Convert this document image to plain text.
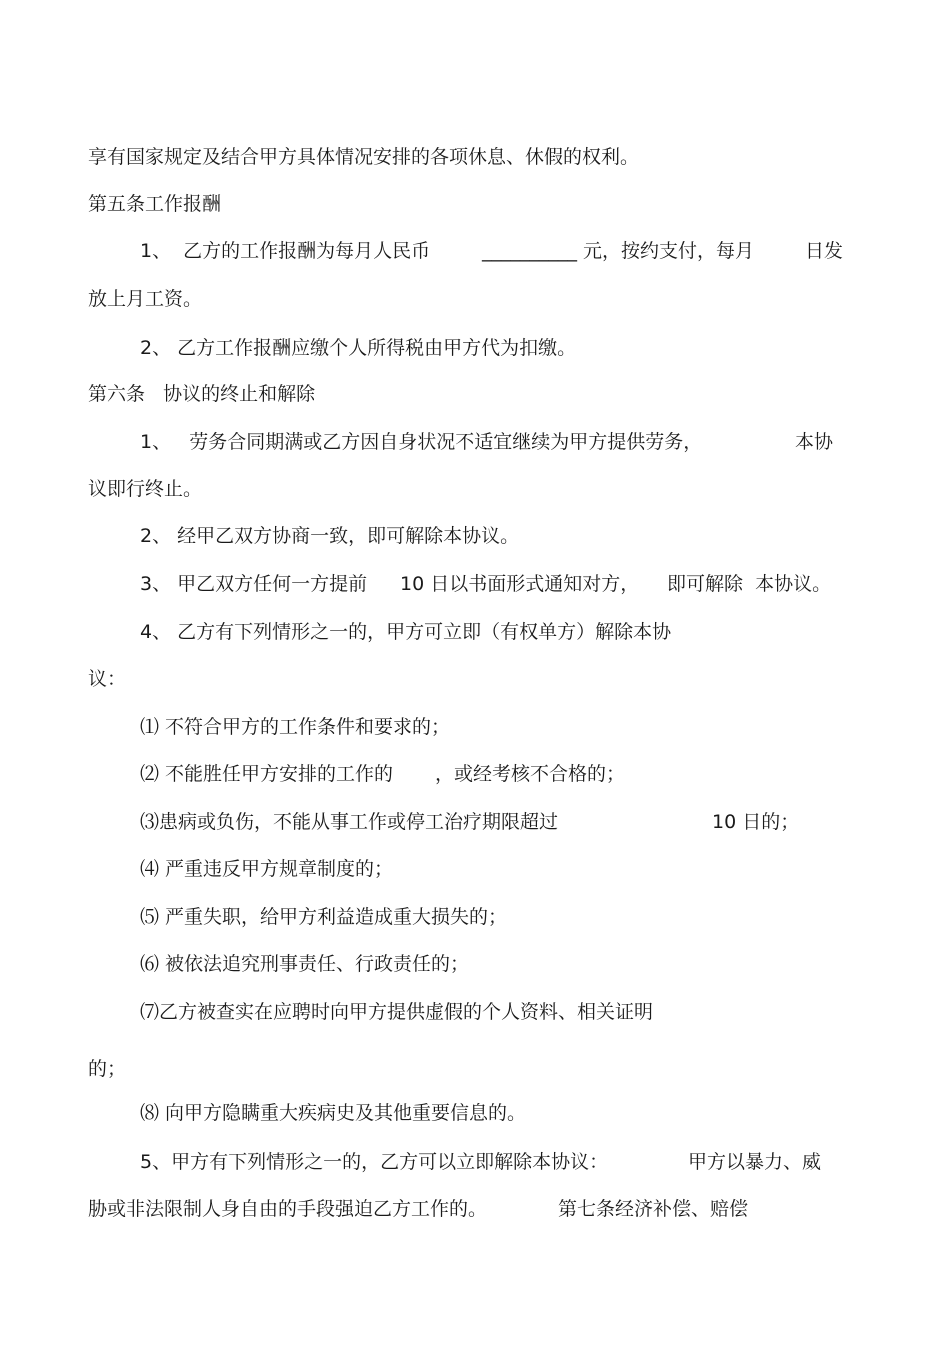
享有国家规定及结合甲方具体情况安排的各项休息、休假的权利。
第五条工作报酬
1、  乙方的工作报酬为每月人民币	__________ 元，按约支付，每月	日发
放上月工资。
2、 乙方工作报酬应缴个人所得税由甲方代为扣缴。
第六条   协议的终止和解除
1、   劳务合同期满或乙方因自身状况不适宜继续为甲方提供劳务，	本协
议即行终止。
2、 经甲乙双方协商一致，即可解除本协议。
3、 甲乙双方任何一方提前 10 日以书面形式通知对方， 即可解除  本协议。
4、 乙方有下列情形之一的，甲方可立即（有权单方）解除本协
议：
⑴ 不符合甲方的工作条件和要求的；
⑵ 不能胜任甲方安排的工作的 ，或经考核不合格的；
⑶患病或负伤，不能从事工作或停工治疗期限超过	10 日的；
⑷ 严重违反甲方规章制度的；
⑸ 严重失职，给甲方利益造成重大损失的；
⑹ 被依法追究刑事责任、行政责任的；
⑺乙方被查实在应聘时向甲方提供虚假的个人资料、相关证明
的；
⑻ 向甲方隐瞒重大疾病史及其他重要信息的。
5、甲方有下列情形之一的，乙方可以立即解除本协议：	甲方以暴力、威
胁或非法限制人身自由的手段强迫乙方工作的。	第七条经济补偿、赔偿
